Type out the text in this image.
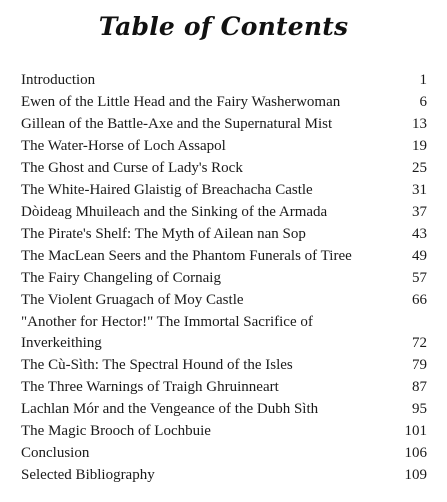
Table of Contents
Introduction	1
Ewen of the Little Head and the Fairy Washerwoman	6
Gillean of the Battle-Axe and the Supernatural Mist	13
The Water-Horse of Loch Assapol	19
The Ghost and Curse of Lady's Rock	25
The White-Haired Glaistig of Breachacha Castle	31
Dòideag Mhuileach and the Sinking of the Armada	37
The Pirate's Shelf: The Myth of Ailean nan Sop	43
The MacLean Seers and the Phantom Funerals of Tiree	49
The Fairy Changeling of Cornaig	57
The Violent Gruagach of Moy Castle	66
"Another for Hector!" The Immortal Sacrifice of Inverkeithing	72
The Cù-Sìth: The Spectral Hound of the Isles	79
The Three Warnings of Traigh Ghruinneart	87
Lachlan Mór and the Vengeance of the Dubh Sìth	95
The Magic Brooch of Lochbuie	101
Conclusion	106
Selected Bibliography	109
